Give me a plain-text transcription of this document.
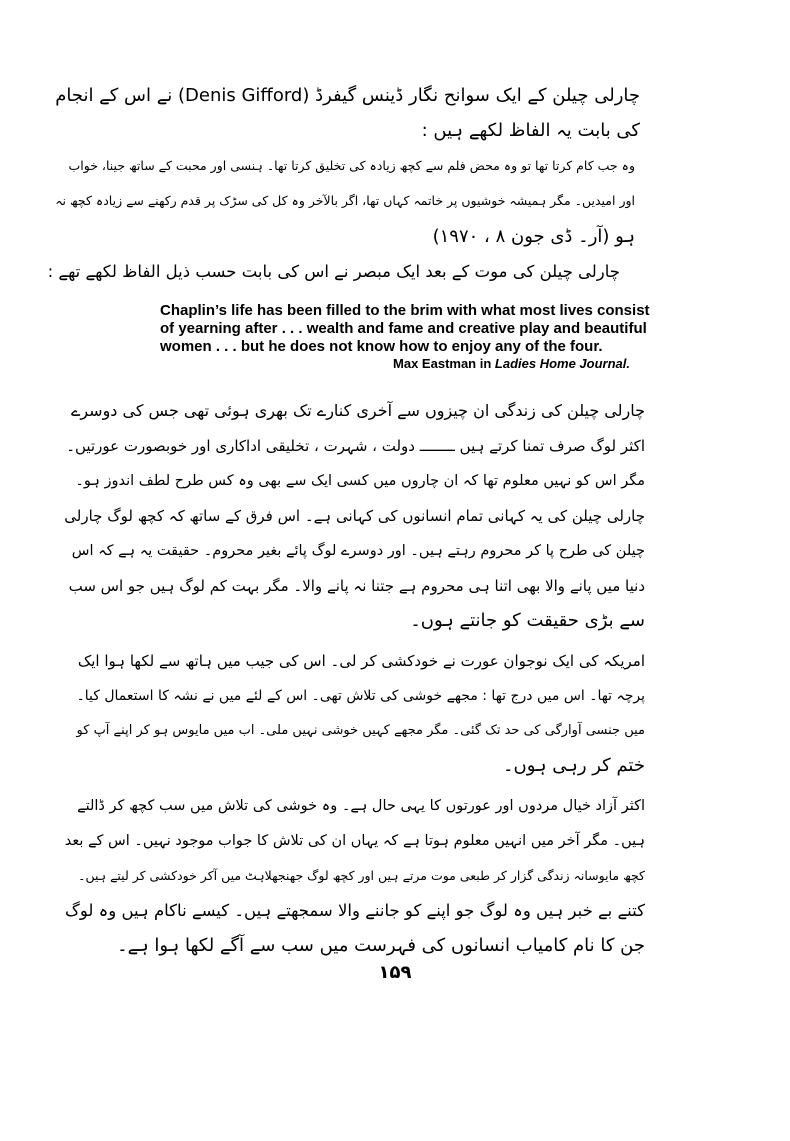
چارلی چیلن کے ایک سوانح نگار ڈینس گیفرڈ (Denis Gifford) نے اس کے انجام
کی بابت یہ الفاظ لکھے ہیں :
وہ جب کام کرتا تھا تو وہ محض فلم سے کچھ زیادہ کی تخلیق کرتا تھا۔ ہنسی اور محبت کے ساتھ جینا، خواب
اور امیدیں۔ مگر ہمیشہ خوشیوں پر خاتمہ کہاں تھا، اگر بالآخر وہ کل کی سڑک پر قدم رکھنے سے زیادہ کچھ نہ
ہو (آر۔ ڈی جون ۸ ، ۱۹۷۰)
چارلی چیلن کی موت کے بعد ایک مبصر نے اس کی بابت حسب ذیل الفاظ لکھے تھے :
Chaplin’s life has been filled to the brim with what most lives consist
of yearning after . . . wealth and fame and creative play and beautiful
women . . . but he does not know how to enjoy any of the four.
Max Eastman in Ladies Home Journal.
چارلی چیلن کی زندگی ان چیزوں سے آخری کنارے تک بھری ہوئی تھی جس کی دوسرے
اکثر لوگ صرف تمنا کرتے ہیں ــــــــ دولت ، شہرت ، تخلیقی اداکاری اور خوبصورت عورتیں۔
مگر اس کو نہیں معلوم تھا کہ ان چاروں میں کسی ایک سے بھی وہ کس طرح لطف اندوز ہو۔
چارلی چیلن کی یہ کہانی تمام انسانوں کی کہانی ہے۔ اس فرق کے ساتھ کہ کچھ لوگ چارلی
چیلن کی طرح پا کر محروم رہتے ہیں۔ اور دوسرے لوگ پائے بغیر محروم۔ حقیقت یہ ہے کہ اس
دنیا میں پانے والا بھی اتنا ہی محروم ہے جتنا نہ پانے والا۔ مگر بہت کم لوگ ہیں جو اس سب
سے بڑی حقیقت کو جانتے ہوں۔
امریکہ کی ایک نوجوان عورت نے خودکشی کر لی۔ اس کی جیب میں ہاتھ سے لکھا ہوا ایک
پرچہ تھا۔ اس میں درج تھا : مجھے خوشی کی تلاش تھی۔ اس کے لئے میں نے نشہ کا استعمال کیا۔
میں جنسی آوارگی کی حد تک گئی۔ مگر مجھے کہیں خوشی نہیں ملی۔ اب میں مایوس ہو کر اپنے آپ کو
ختم کر رہی ہوں۔
اکثر آزاد خیال مردوں اور عورتوں کا یہی حال ہے۔ وہ خوشی کی تلاش میں سب کچھ کر ڈالتے
ہیں۔ مگر آخر میں انہیں معلوم ہوتا ہے کہ یہاں ان کی تلاش کا جواب موجود نہیں۔ اس کے بعد
کچھ مایوسانہ زندگی گزار کر طبعی موت مرتے ہیں اور کچھ لوگ جھنجھلاہٹ میں آکر خودکشی کر لیتے ہیں۔
کتنے بے خبر ہیں وہ لوگ جو اپنے کو جاننے والا سمجھتے ہیں۔ کیسے ناکام ہیں وہ لوگ
جن کا نام کامیاب انسانوں کی فہرست میں سب سے آگے لکھا ہوا ہے۔
۱۵۹
